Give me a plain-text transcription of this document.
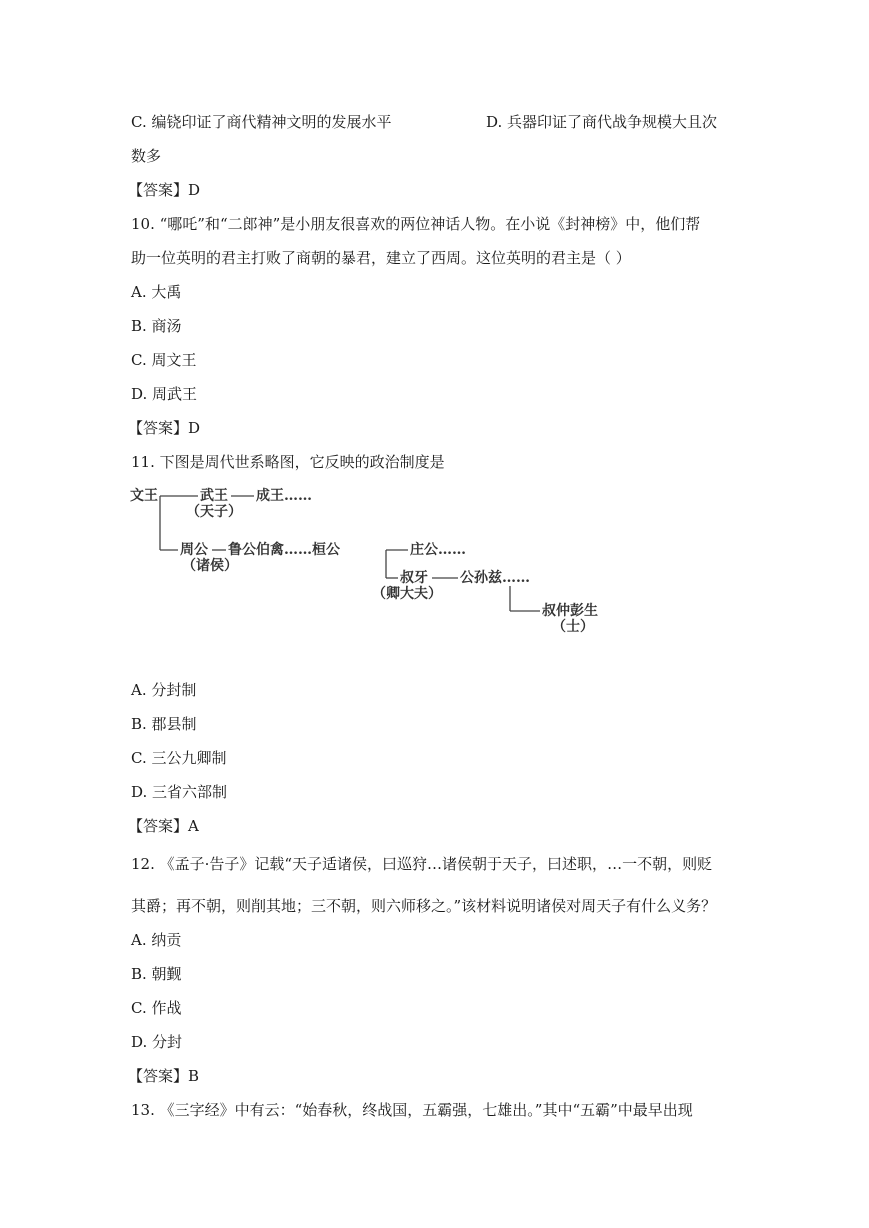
C. 编铙印证了商代精神文明的发展水平	D. 兵器印证了商代战争规模大且次
数多
【答案】D
10. “哪吒”和“二郎神”是小朋友很喜欢的两位神话人物。在小说《封神榜》中，他们帮
助一位英明的君主打败了商朝的暴君，建立了西周。这位英明的君主是（ ）
A. 大禹
B. 商汤
C. 周文王
D. 周武王
【答案】D
11. 下图是周代世系略图，它反映的政治制度是
文王	武王
（天子）
成王……
周公
（诸侯）
鲁公伯禽……桓公	庄公……
叔牙
（卿大夫）
公孙兹……
叔仲彭生
（士）
A. 分封制
B. 郡县制
C. 三公九卿制
D. 三省六部制
【答案】A
12. 《孟子·告子》记载“天子适诸侯，曰巡狩…诸侯朝于天子，曰述职，…一不朝，则贬
其爵；再不朝，则削其地；三不朝，则六师移之。”该材料说明诸侯对周天子有什么义务？
A. 纳贡
B. 朝觐
C. 作战
D. 分封
【答案】B
13. 《三字经》中有云：“始春秋，终战国，五霸强，七雄出。”其中“五霸”中最早出现
